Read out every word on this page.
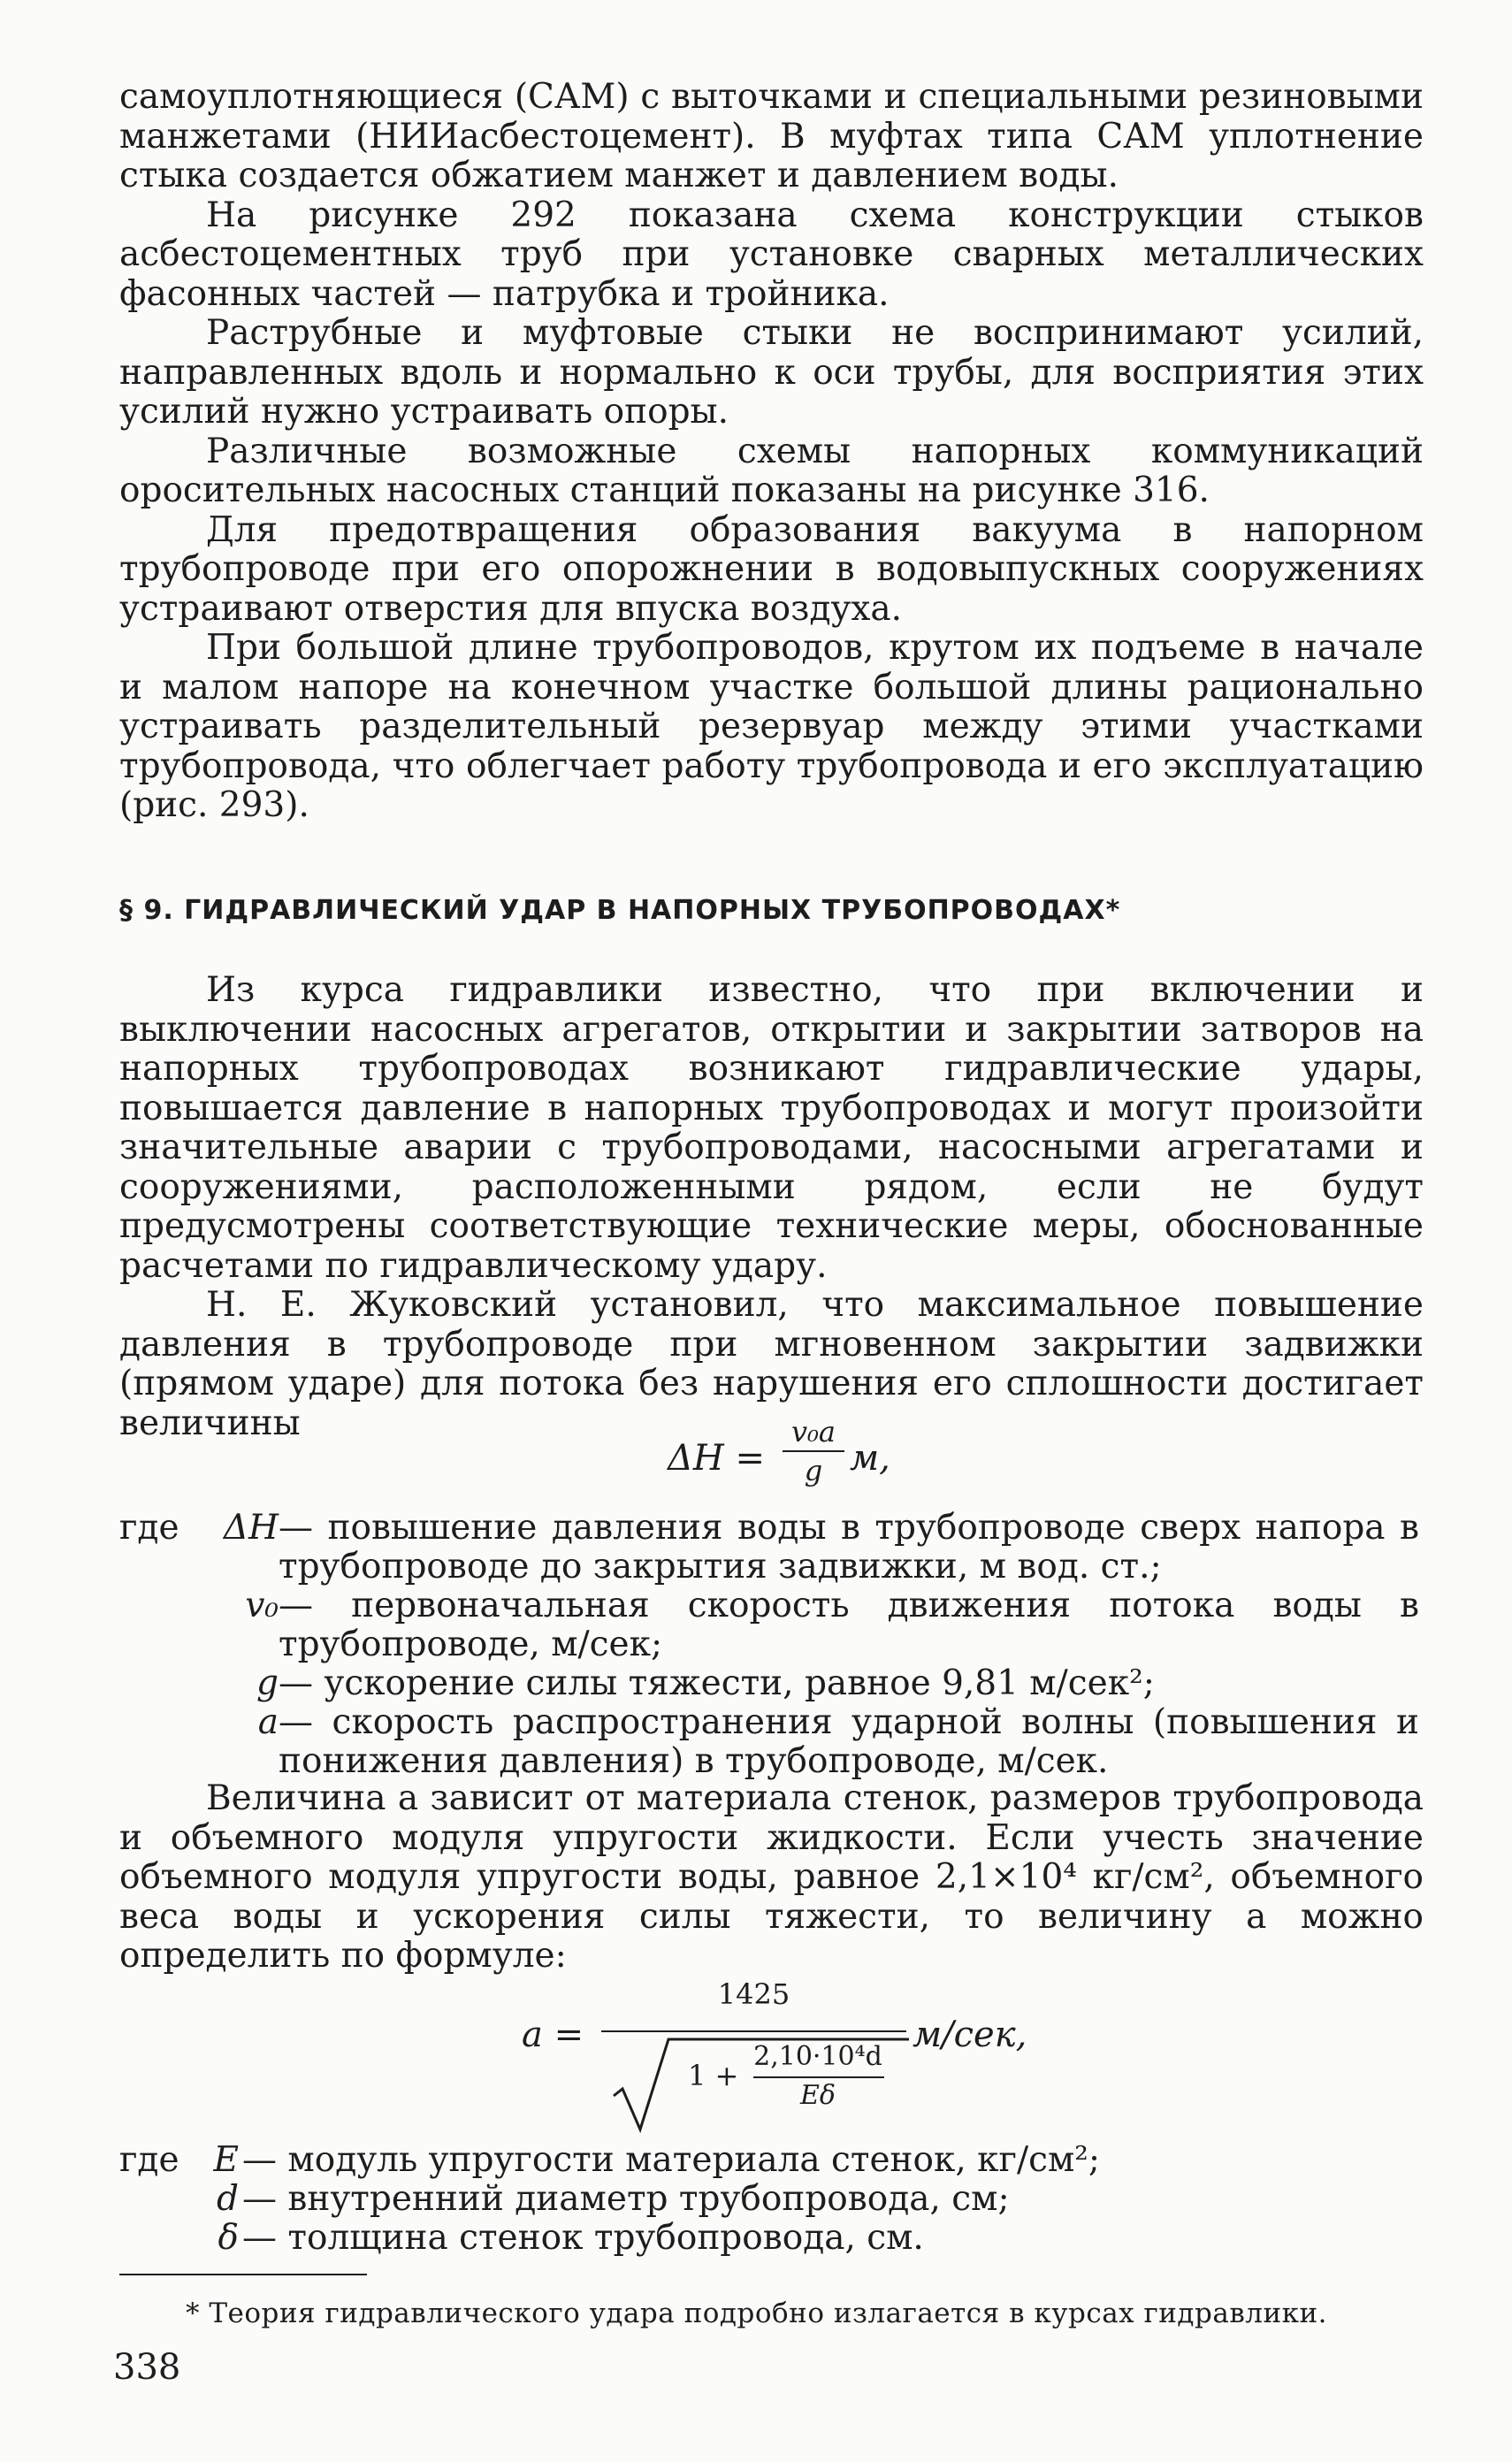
самоуплотняющиеся (САМ) с выточками и специальными резиновыми манжетами (НИИасбестоцемент). В муфтах типа САМ уплотнение стыка создается обжатием манжет и давлением воды.

На рисунке 292 показана схема конструкции стыков асбестоцементных труб при установке сварных металлических фасонных частей — патрубка и тройника.

Раструбные и муфтовые стыки не воспринимают усилий, направленных вдоль и нормально к оси трубы, для восприятия этих усилий нужно устраивать опоры.

Различные возможные схемы напорных коммуникаций оросительных насосных станций показаны на рисунке 316.

Для предотвращения образования вакуума в напорном трубопроводе при его опорожнении в водовыпускных сооружениях устраивают отверстия для впуска воздуха.

При большой длине трубопроводов, крутом их подъеме в начале и малом напоре на конечном участке большой длины рационально устраивать разделительный резервуар между этими участками трубопровода, что облегчает работу трубопровода и его эксплуатацию (рис. 293).

§ 9. ГИДРАВЛИЧЕСКИЙ УДАР В НАПОРНЫХ ТРУБОПРОВОДАХ*

Из курса гидравлики известно, что при включении и выключении насосных агрегатов, открытии и закрытии затворов на напорных трубопроводах возникают гидравлические удары, повышается давление в напорных трубопроводах и могут произойти значительные аварии с трубопроводами, насосными агрегатами и сооружениями, расположенными рядом, если не будут предусмотрены соответствующие технические меры, обоснованные расчетами по гидравлическому удару.

Н. Е. Жуковский установил, что максимальное повышение давления в трубопроводе при мгновенном закрытии задвижки (прямом ударе) для потока без нарушения его сплошности достигает величины

ΔH =
v₀a
g м,
где	ΔH — повышение давления воды в трубопроводе сверх напора в трубопроводе до закрытия задвижки, м вод. ст.;
v₀ — первоначальная скорость движения потока воды в трубопроводе, м/сек;
g — ускорение силы тяжести, равное 9,81 м/сек²;
a — скорость распространения ударной волны (повышения и понижения давления) в трубопроводе, м/сек.

Величина a зависит от материала стенок, размеров трубопровода и объемного модуля упругости жидкости. Если учесть значение объемного модуля упругости воды, равное 2,1×10⁴ кг/см², объемного веса воды и ускорения силы тяжести, то величину a можно определить по формуле:

a =
1425
1 +
2,10·10⁴d
Eδ
м/сек,
где E — модуль упругости материала стенок, кг/см²;
d — внутренний диаметр трубопровода, см;
δ — толщина стенок трубопровода, см.
* Теория гидравлического удара подробно излагается в курсах гидравлики.
338
